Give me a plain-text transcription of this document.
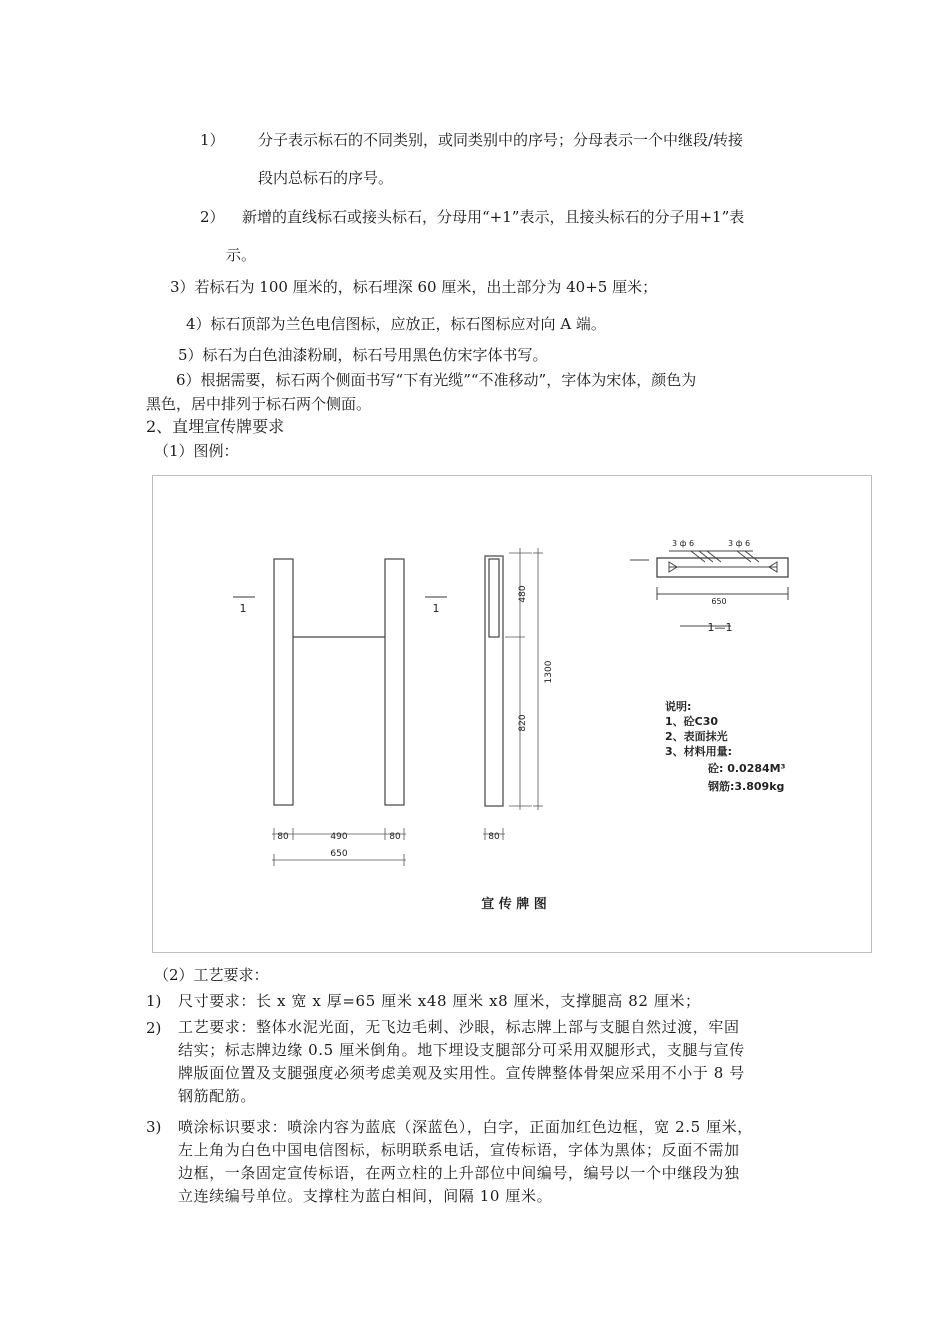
1） 分子表示标石的不同类别，或同类别中的序号；分母表示一个中继段/转接
段内总标石的序号。
2） 新增的直线标石或接头标石，分母用“+1”表示，且接头标石的分子用+1”表
示。
3）若标石为 100 厘米的，标石埋深 60 厘米，出土部分为 40+5 厘米；
4）标石顶部为兰色电信图标，应放正，标石图标应对向 A 端。
5）标石为白色油漆粉刷，标石号用黑色仿宋字体书写。
6）根据需要，标石两个侧面书写“下有光缆”“不准移动”，字体为宋体，颜色为
黑色，居中排列于标石两个侧面。
2、直埋宣传牌要求
（1）图例：
1	1
80	490	80
650
480
820
1300
80
3 ф 6	3 ф 6
650
1—1
说明:
1、砼C30
2、表面抹光
3、材料用量:
砼: 0.0284M³
钢筋:3.809kg
宣 传 牌 图
（2）工艺要求：
1) 尺寸要求：长 x 宽 x 厚=65 厘米 x48 厘米 x8 厘米，支撑腿高 82 厘米；
2) 工艺要求：整体水泥光面，无飞边毛刺、沙眼，标志牌上部与支腿自然过渡，牢固
结实；标志牌边缘 0.5 厘米倒角。地下埋设支腿部分可采用双腿形式，支腿与宣传
牌版面位置及支腿强度必须考虑美观及实用性。宣传牌整体骨架应采用不小于 8 号
钢筋配筋。
3) 喷涂标识要求：喷涂内容为蓝底（深蓝色），白字，正面加红色边框，宽 2.5 厘米，
左上角为白色中国电信图标，标明联系电话，宣传标语，字体为黑体；反面不需加
边框，一条固定宣传标语，在两立柱的上升部位中间编号，编号以一个中继段为独
立连续编号单位。支撑柱为蓝白相间，间隔 10 厘米。
